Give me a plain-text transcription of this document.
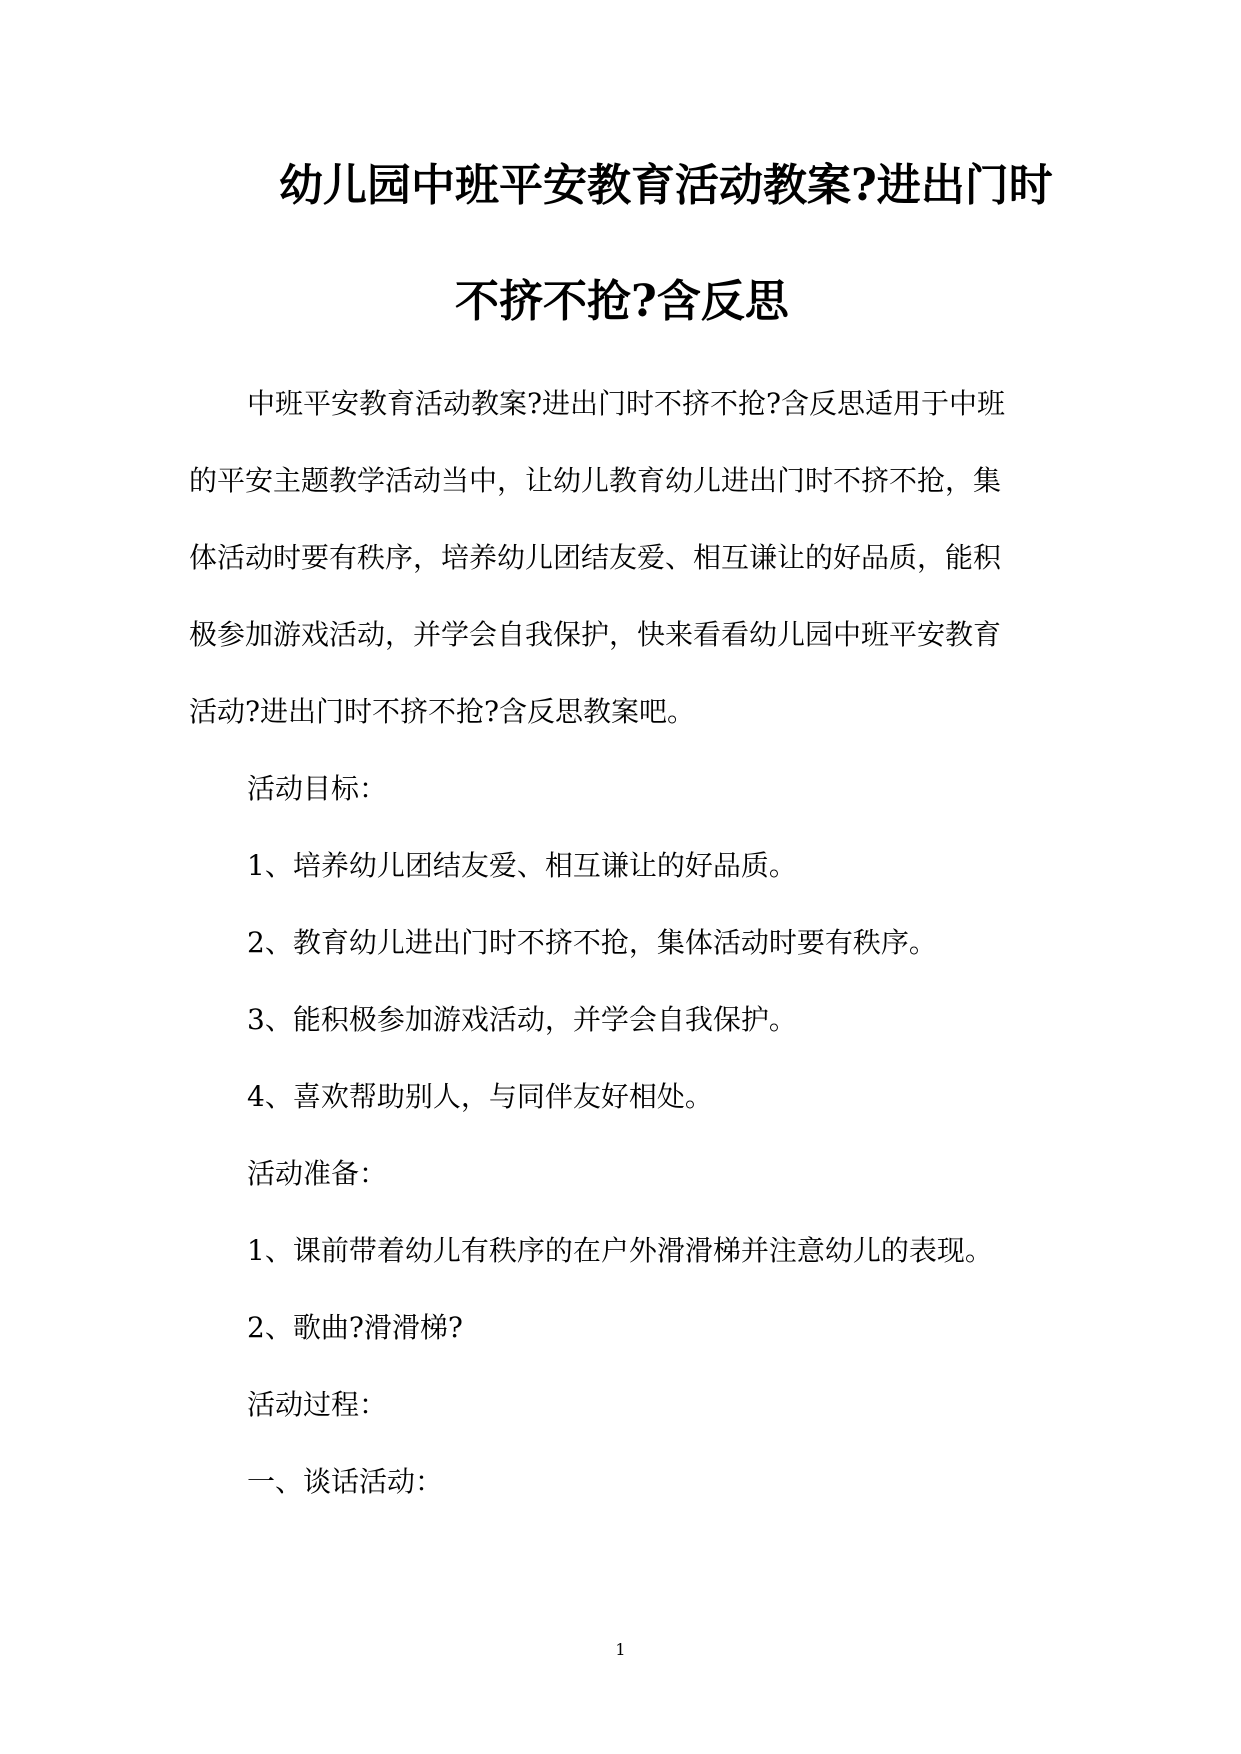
幼儿园中班平安教育活动教案?进出门时
不挤不抢?含反思
中班平安教育活动教案?进出门时不挤不抢?含反思适用于中班
的平安主题教学活动当中，让幼儿教育幼儿进出门时不挤不抢，集
体活动时要有秩序，培养幼儿团结友爱、相互谦让的好品质，能积
极参加游戏活动，并学会自我保护，快来看看幼儿园中班平安教育
活动?进出门时不挤不抢?含反思教案吧。
活动目标：
1、培养幼儿团结友爱、相互谦让的好品质。
2、教育幼儿进出门时不挤不抢，集体活动时要有秩序。
3、能积极参加游戏活动，并学会自我保护。
4、喜欢帮助别人，与同伴友好相处。
活动准备：
1、课前带着幼儿有秩序的在户外滑滑梯并注意幼儿的表现。
2、歌曲?滑滑梯?
活动过程：
一、谈话活动：
1
